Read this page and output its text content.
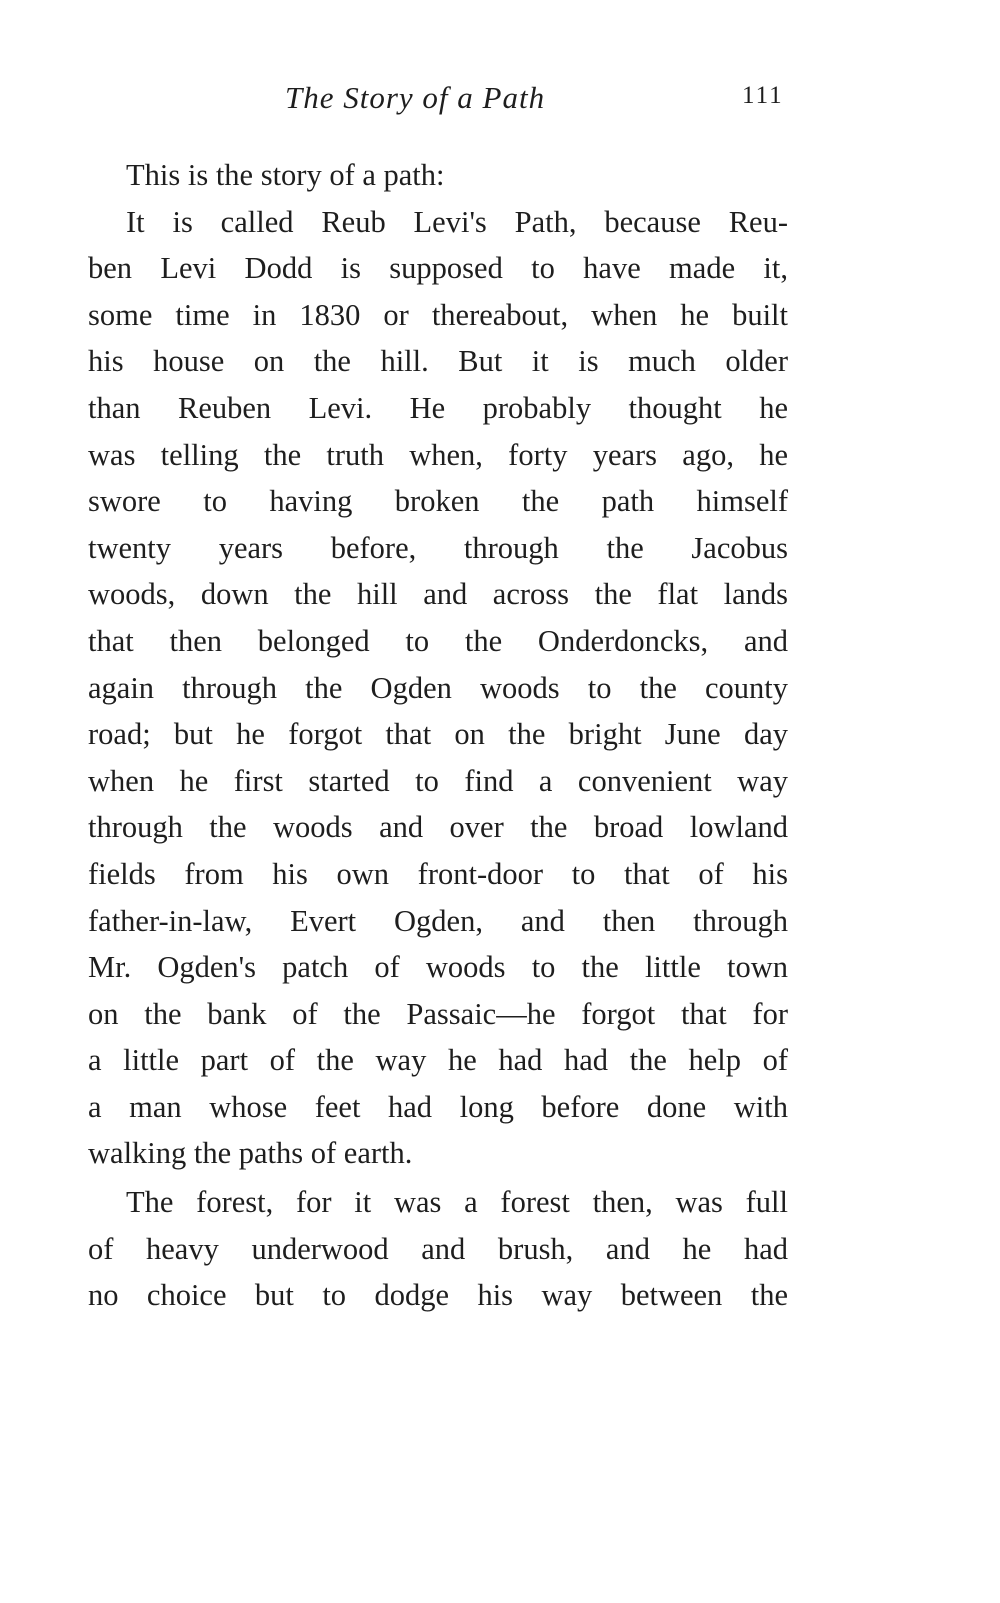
The Story of a Path	111
This is the story of a path:
It is called Reub Levi's Path, because Reu-
ben Levi Dodd is supposed to have made it,
some time in 1830 or thereabout, when he built
his house on the hill. But it is much older
than Reuben Levi. He probably thought he
was telling the truth when, forty years ago, he
swore to having broken the path himself
twenty years before, through the Jacobus
woods, down the hill and across the flat lands
that then belonged to the Onderdoncks, and
again through the Ogden woods to the county
road; but he forgot that on the bright June day
when he first started to find a convenient way
through the woods and over the broad lowland
fields from his own front-door to that of his
father-in-law, Evert Ogden, and then through
Mr. Ogden's patch of woods to the little town
on the bank of the Passaic—he forgot that for
a little part of the way he had had the help of
a man whose feet had long before done with
walking the paths of earth.
The forest, for it was a forest then, was full
of heavy underwood and brush, and he had
no choice but to dodge his way between the
